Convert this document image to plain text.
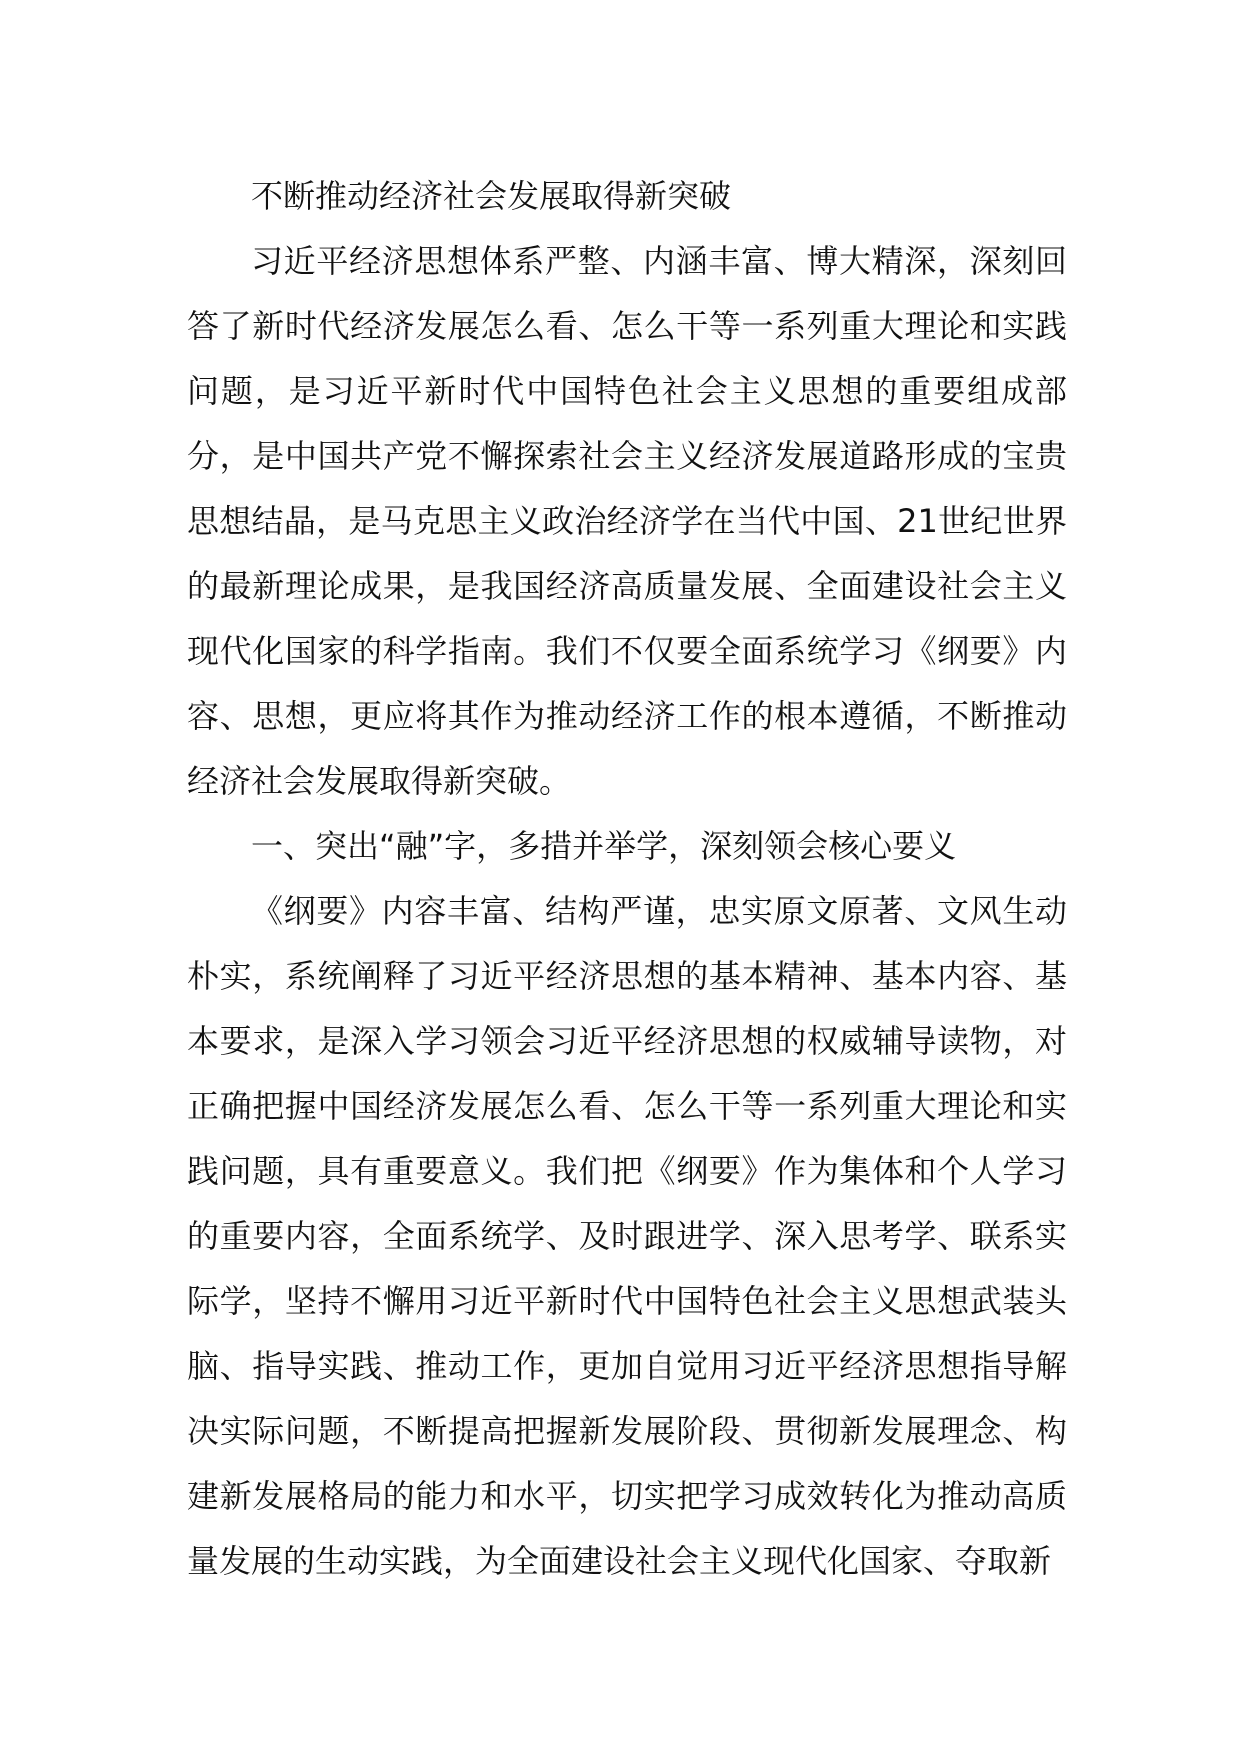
不断推动经济社会发展取得新突破

习近平经济思想体系严整、内涵丰富、博大精深，深刻回答了新时代经济发展怎么看、怎么干等一系列重大理论和实践问题，是习近平新时代中国特色社会主义思想的重要组成部分，是中国共产党不懈探索社会主义经济发展道路形成的宝贵思想结晶，是马克思主义政治经济学在当代中国、21世纪世界的最新理论成果，是我国经济高质量发展、全面建设社会主义现代化国家的科学指南。我们不仅要全面系统学习《纲要》内容、思想，更应将其作为推动经济工作的根本遵循，不断推动经济社会发展取得新突破。

一、突出“融”字，多措并举学，深刻领会核心要义

《纲要》内容丰富、结构严谨，忠实原文原著、文风生动朴实，系统阐释了习近平经济思想的基本精神、基本内容、基本要求，是深入学习领会习近平经济思想的权威辅导读物，对正确把握中国经济发展怎么看、怎么干等一系列重大理论和实践问题，具有重要意义。我们把《纲要》作为集体和个人学习的重要内容，全面系统学、及时跟进学、深入思考学、联系实际学，坚持不懈用习近平新时代中国特色社会主义思想武装头脑、指导实践、推动工作，更加自觉用习近平经济思想指导解决实际问题，不断提高把握新发展阶段、贯彻新发展理念、构建新发展格局的能力和水平，切实把学习成效转化为推动高质量发展的生动实践，为全面建设社会主义现代化国家、夺取新
